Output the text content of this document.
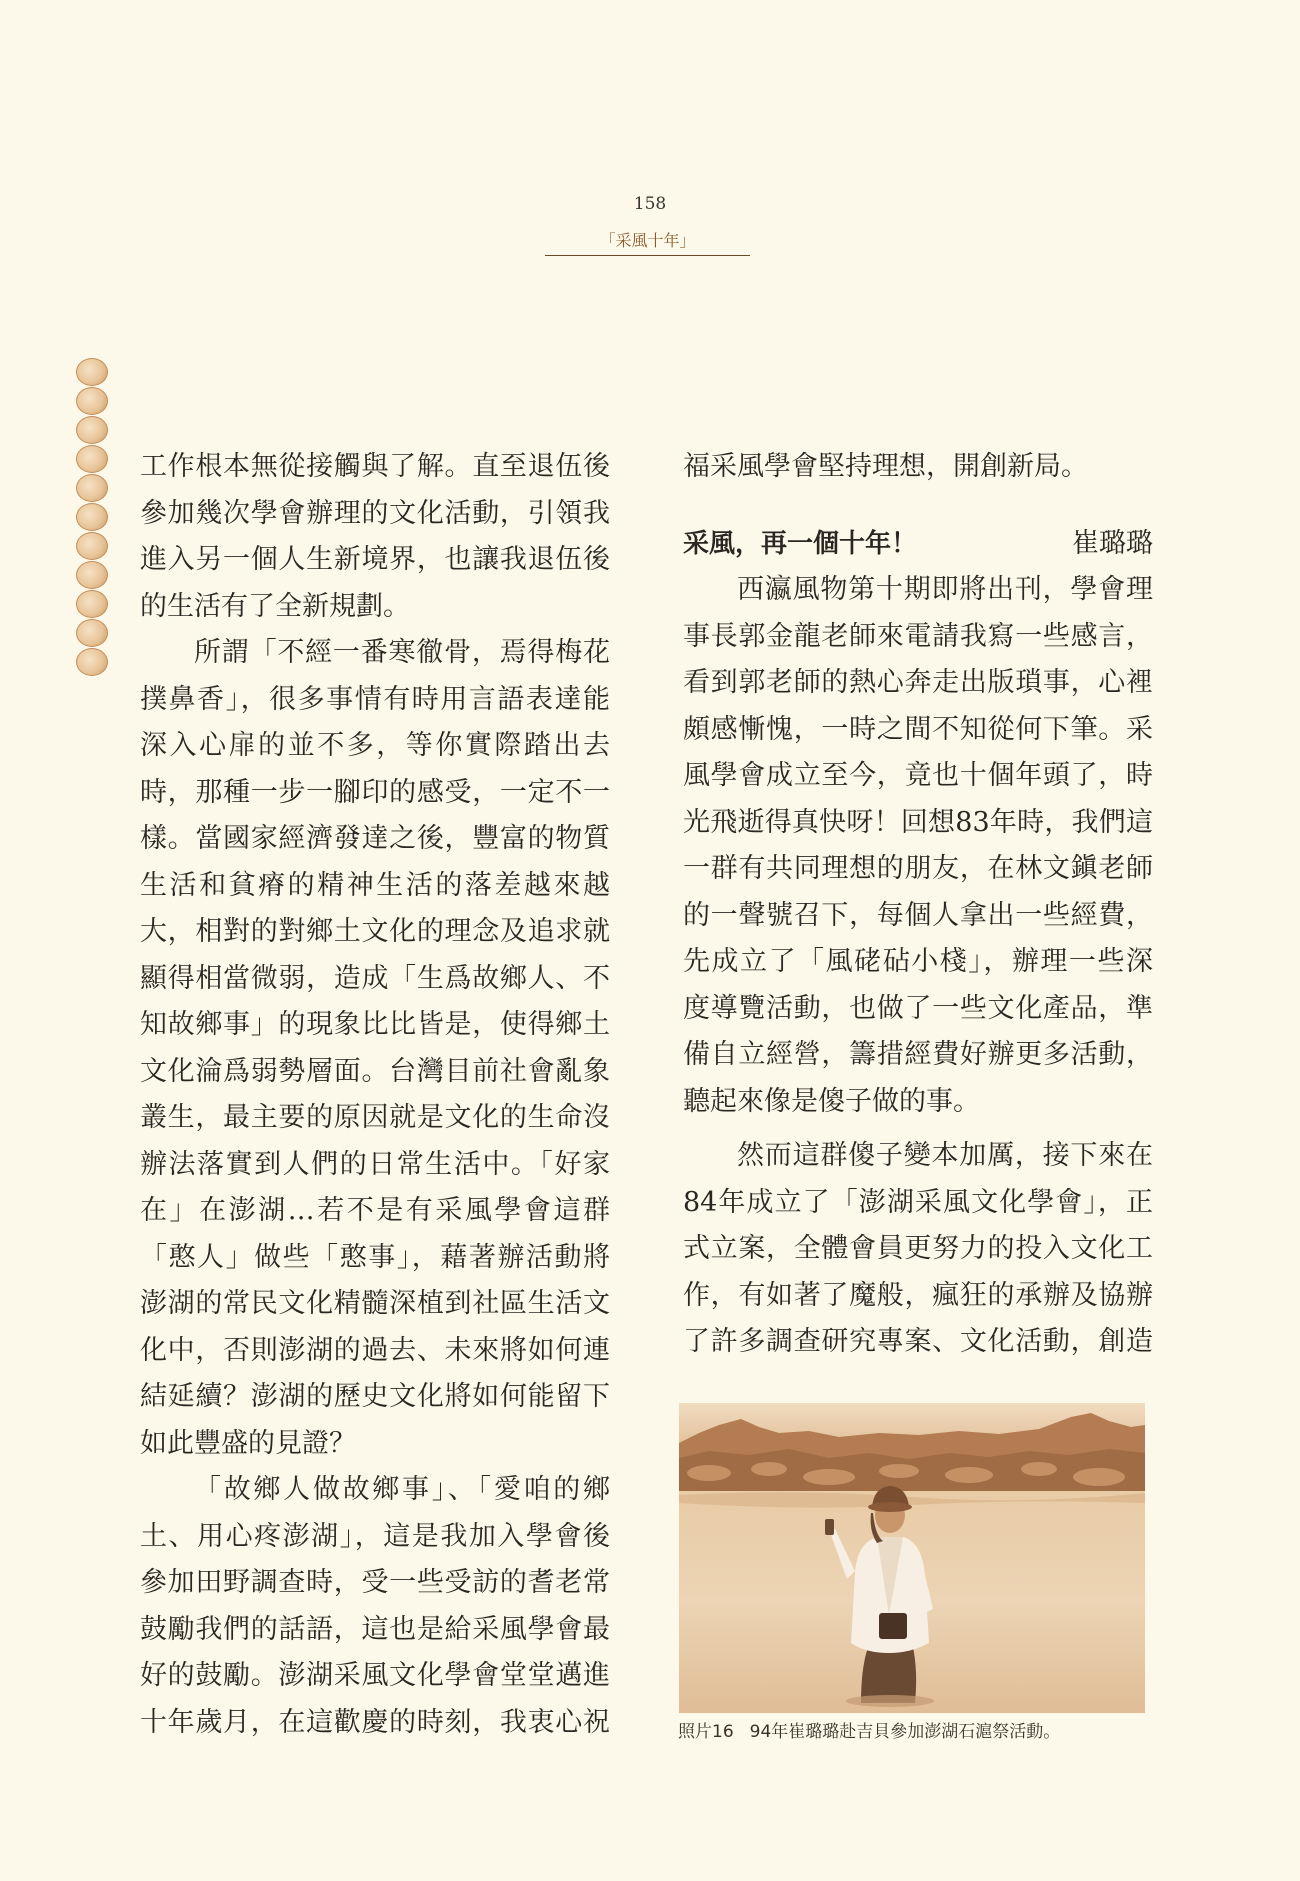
158
「采風十年」

工作根本無從接觸與了解。直至退伍後
參加幾次學會辦理的文化活動，引領我
進入另一個人生新境界，也讓我退伍後
的生活有了全新規劃。

所謂「不經一番寒徹骨，焉得梅花
撲鼻香」，很多事情有時用言語表達能
深入心扉的並不多，等你實際踏出去
時，那種一步一腳印的感受，一定不一
樣。當國家經濟發達之後，豐富的物質
生活和貧瘠的精神生活的落差越來越
大，相對的對鄉土文化的理念及追求就
顯得相當微弱，造成「生爲故鄉人、不
知故鄉事」的現象比比皆是，使得鄉土
文化淪爲弱勢層面。台灣目前社會亂象
叢生，最主要的原因就是文化的生命沒
辦法落實到人們的日常生活中。「好家
在」在澎湖…若不是有采風學會這群
「憨人」做些「憨事」，藉著辦活動將
澎湖的常民文化精髓深植到社區生活文
化中，否則澎湖的過去、未來將如何連
結延續？澎湖的歷史文化將如何能留下
如此豐盛的見證？

「故鄉人做故鄉事」、「愛咱的鄉
土、用心疼澎湖」，這是我加入學會後
參加田野調查時，受一些受訪的耆老常
鼓勵我們的話語，這也是給采風學會最
好的鼓勵。澎湖采風文化學會堂堂邁進
十年歲月，在這歡慶的時刻，我衷心祝

福采風學會堅持理想，開創新局。

采風，再一個十年！	崔璐璐

西瀛風物第十期即將出刊，學會理
事長郭金龍老師來電請我寫一些感言，
看到郭老師的熱心奔走出版瑣事，心裡
頗感慚愧，一時之間不知從何下筆。采
風學會成立至今，竟也十個年頭了，時
光飛逝得真快呀！回想83年時，我們這
一群有共同理想的朋友，在林文鎭老師
的一聲號召下，每個人拿出一些經費，
先成立了「風硓砧小棧」，辦理一些深
度導覽活動，也做了一些文化產品，準
備自立經營，籌措經費好辦更多活動，
聽起來像是傻子做的事。

然而這群傻子變本加厲，接下來在
84年成立了「澎湖采風文化學會」，正
式立案，全體會員更努力的投入文化工
作，有如著了魔般，瘋狂的承辦及協辦
了許多調查研究專案、文化活動，創造

照片16 94年崔璐璐赴吉貝參加澎湖石滬祭活動。
